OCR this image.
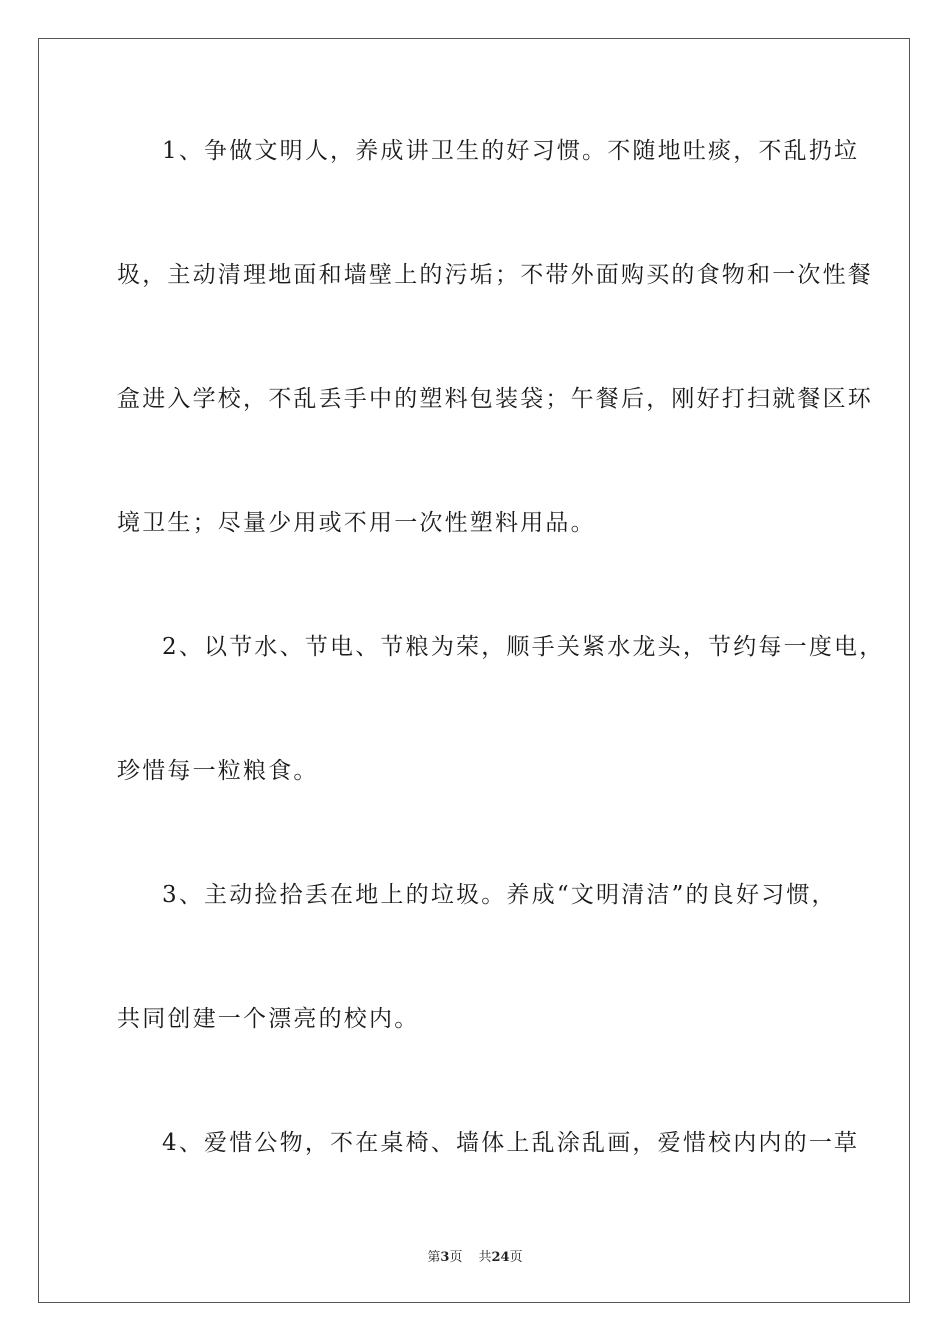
1、争做文明人，养成讲卫生的好习惯。不随地吐痰，不乱扔垃
圾，主动清理地面和墙壁上的污垢；不带外面购买的食物和一次性餐
盒进入学校，不乱丢手中的塑料包装袋；午餐后，刚好打扫就餐区环
境卫生；尽量少用或不用一次性塑料用品。
2、以节水、节电、节粮为荣，顺手关紧水龙头，节约每一度电，
珍惜每一粒粮食。
3、主动捡拾丢在地上的垃圾。养成“文明清洁”的良好习惯，
共同创建一个漂亮的校内。
4、爱惜公物，不在桌椅、墙体上乱涂乱画，爱惜校内内的一草
第3页 共24页
